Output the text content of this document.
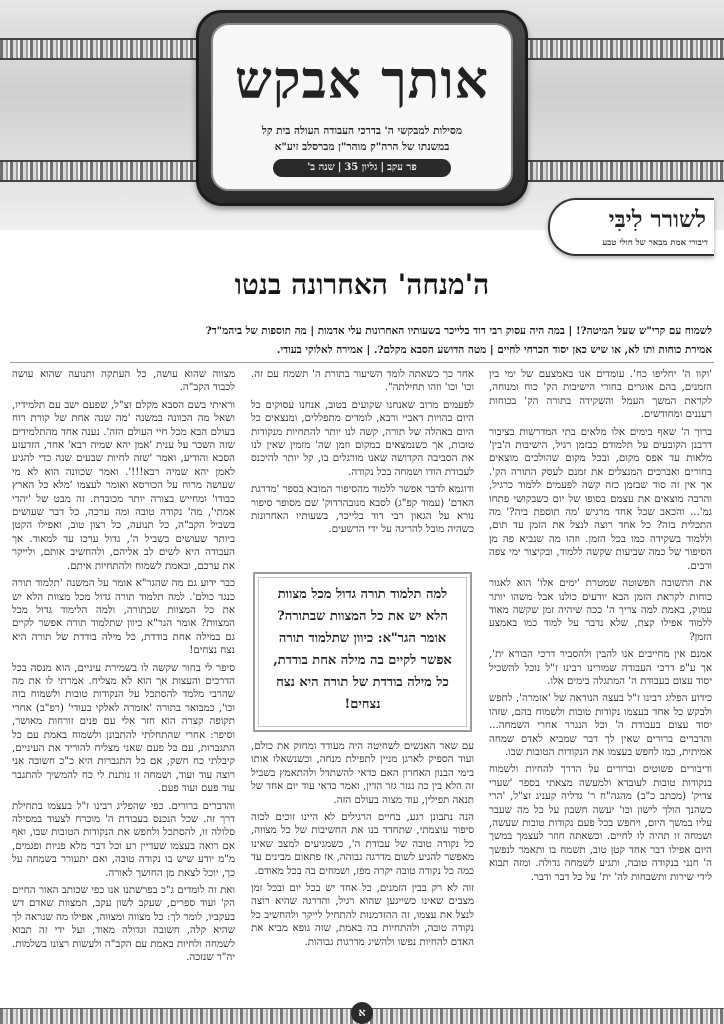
אותך אבקש
מסילות למבקשי ה' בדרכי העבודה העולה בית קל
במשנתו של הרה"ק מוהר"ן מברסלב זיע"א
פר עקב|גליון 35|שנה ב'
לשורר לִיבִּי
דיבורי אמת מבאר של חולי טבע
ה'מנחה' האחרונה בנטו
לשמוח עם קרי"ש שעל המיטה?! | במה היה עסוק רבי דוד בלייכר בשעותיו האחרונות עלי אדמות | מה תוספות של ביהמ"ד?
אמירת כוחות ותו לא, או שיש כאן יסוד הכרחי לחיים | מטה הדושע הסבא מקלם?. | אמירה לאלוקי בעודי.

'וקוו ה' יחליפו כח'. עומדים אנו באמצעם של ימי בין הזמנים, בהם אוגרים בחורי הישיבות הק' כוח ומנוחה, לקראת המשך העמל והשקידה בתורה הק' בכוחות רעננים ומחודשים.

ברוך ה' שאף בימים אלו מלאים בתי המדרשות בציבור דרבנן הקובעים על תלמודם כבזמן רגיל, הישיבות ה'בין' מלאות עד אפס מקום, ובכל מקום שהולכים מוצאים בחורים ואברכים המנצלים את זמנם לעסק התורה הק'. אך אין זה סוד שבזמן כזה קשה לפעמים ללמוד כרגיל, והרבה מוצאים את עצמם בסופו של יום כשבקושי פתחו גמ'... והכאב שכל אחד מרגיש 'מה תוספת ביה?' מה התכלית בזה? כל אחד רוצה לנצל את הזמן עד תום, וללמוד בשקידה כמו בכל הזמן. וזהו מה שנביא פה מן הסיפור של כמה שביעות שקשה ללמוד, ובקיצור ימי צפה ורבים.

את התשובה הפשוטה שמטרת 'ימים אלו' הוא לאגור כוחות לקראת הזמן הבא יודעים כולנו אבל משהו יותר עמוק, באמת למה צריך ה' ככה שיהיה זמן שקשה מאוד ללמוד אפילו קצת, שלא נדבר על למוד כמו באמצע הזמן?

אמנם אין מחייבים אנו להבין ולהסביר דרכי הבורא ית', אך ע"פ דרכי העבודה שמורינו רבינו ז"ל נוכל להשכיל יסוד עצום בעבודת ה' המתגלה בימים אלו.

כידוע הפליג רבינו ז"ל בעצה הנוראה של 'אזמרה', לחפש ולבקש כל אחד בעצמו נקודות טובות ולשמוח בהם, שזהו יסוד עצום בעבודת ה' וכל הנגרר אחרי השמחה... והדברים ברורים שאין לך דבר שמביא לאדם שמחה אמיתית, כמו לחפש בעצמו את הנקודות הטובות שבו.

ודיבורים פשוטים וברורים על הדרך להחיות ולשמוח בנקודות טובות לעובדא ולמעשה מצאתי בספר 'שערי צדיק' (מכתב כ"ב) מהגה"ח ר' גדליה קעניג זצ"ל, 'הרי כשהנך הולך לישון וכו' יעשה חשבון על כל מה שעבר עליו במשך היום, ויחפש בכל פעם נקודות טובות שעשה, ושמחה זו תהיה לו לחיים. וכשאתה חוזר לעצמך במשך היום אפילו דבר אחד קטן טוב, תשמח בו ותאמר לנפשך ה' חנני בנקודה טובה, ותגיע לשמחה גדולה. ומזה תבוא לידי שירות ותשבחות לה' ית' על כל דבר ודבר.

אחר כך כשאתה לומד השיעור בתורת ה' תשמח עם זה. וכו' וכו' וזהו תחילתה".

לפעמים מרוב שאנחנו שקועים בטוב, אנחנו עסוקים כל היום בהויות דאביי ורבא, לומדים מתפללים, ומנצאים כל היום באהלה של תורה, קשה לנו יותר להתחיות מנקודות טובות, אך כשנמצאים במקום וזמן שה' מזמין שאין לנו את הסביבה הקדושה שאנו מורגלים בו, קל יותר להיכנס לעבודת הודו ושמחה בכל נקודה.

ודוגמא לדבר אפשר ללמוד מהסיפור המובא בספר 'מדרגת האדם' (עמוד קפ"ג) לסבא מנובהרדוק' שם מסופר סיפור נורא על הגאון רבי דוד בלייכר, בשעותיו האחרונות כשהיה מובל להריגה על ידי הרשעים.

למה תלמוד תורה גדול מכל מצוות הלא יש את כל המצוות שבתורה? אומר הגר"א: כיוון שתלמוד תורה אפשר לקיים בה מילה אחת בודדת, כל מילה בודדת של תורה היא נצח נצחים!

עם שאר האנשים לשחיטה היה מעודד ומחזק את כולם, ועוד הספיק לארגן מניין לתפילת מנחה, וכשנשאלו אותו בימי הבנון האחרון האם כדאי להשתדל ולהתאמץ בשביל זה הלא בין כה נגזר גזר הדין, ואמר כדאי עוד יום אחד של תנאה תפילין, עוד מצוה בעולם הזה.

הנה נתבונן רגע, בחיים הרגילים לא היינו זוכים לכזה סיפור עוצמתי, שתחדד בנו את החשיבות של כל מצווה, כל נקודה טובה של עבודת ה', כשמגיעים למצב שאינו מאפשר להגיע לשום מדרגה גבוהה, אז פתאום מבינים עד כמה כל נקודה טובה יקרה מפז, ושמחים בה בכל מאודם.

זוה לא רק בבין הזמנים, כל אחד יש בכל יום ובכל זמן מצבים שאינו כשייגען שהוא רגיל, והדרגה שהיא רוצה לנצל את עצמו, זה ההזדמנות להתחיל לייקר ולהחשיב כל נקודה טובה, ולהתחיות בה באמת, שזה גופא מביא את האדם להחיות נפשו ולהשיג מדרגות גבוהות.

מצווה שהוא עושה, כל העתקה ותנועה שהוא עושה לכבוד הקב"ה.

וראיתי בשם הסבא מקלם זצ"ל, שפעם ישב עם תלמידיו, ושאל מה הכוונה במשנה 'מה שנה אחת של קורת רוח בעולם הבא מכל חיי העולם הזה'. נענה אחד מהתלמידים שזה השכר על ענית 'אמן יהא שמיה רבא' אחד, הזדעזע הסבא והודיע, ואמר 'שזה לחיות שבעים שנה כדי להגיע לאמן יהא שמיה רבא!!!'. ואמר שכוונה הוא לא מי שעושה מרוח על הכורסא ואומר לעצמו 'מלא כל הארץ כבודו' ומחייש בצורה יותר מכובדת. זה מבט של 'יהדי אמתי', מה' נקודה טובה ומה ערכה, כל דבר שעושים בשביל הקב"ה, כל תנועה, כל רצון טוב, ואפילו הקטן ביותר שעושים בשביל ה', גדול ערכו עד למאוד. אך העבודה היא לשים לב אליהם, ולהחשיב אותם, ולייקר את ערכם, ובאמת לשמוח ולהתחיות איתם.

כבר ידוע גם מה שהגר"א אומר על המשנה 'תלמוד תורה כנגד כולם'. למה תלמוד תורה גדול מכל מצוות הלא יש את כל המצוות שבתורה, ולמה הלימוד גדול מכל המצוות? אומר הגר"א כיוון שתלמוד תורה אפשר לקיים גם במילה אחת בודדת, כל מילה בודדת של תורה היא נצח נצחים!

סיפר לי בחור שקשה לו בשמירת עיניים, הוא מנסה בכל הדרכים והעצות אך הוא לא מצליח. אמרתי לו את מה שהרבי מלמד להסתכל על הנקודות טובות ולשמוח בזה וכו', כמבואר בתורה 'אזמרה לאלקי בעודי' (רפ"ב) אחרי תקופה קצרה הוא חזר אלי עם פנים זורחות מאושר, וסיפר: אחרי שהתחלתי להתבונן ולשמוח באמת עם כל התגברות, עם כל פעם שאני מצליח להוריד את העיניים, קיבלתי כח חשק, אם כל התגברות היא כ"כ חשובה אני רוצה עוד ועוד, ושמחה זו נותנת לי כח להמשיך להתגבר עוד פעם ועוד פעם.

והדברים ברורים. כפי שהפליג רבינו ז"ל בעצמו בתחילת דרך זה. שכל הנכנס בעבודת ה' מוכרח לצעוד במסילה סלולה זו, להסתכל ולחפש את הנקודות הטובות שבו, ואף אם רואה בעצמו שעדיין רע וכל דבר מלא פניות ופגמים, מ"מ יודע שיש בו נקודה טובה, ואם יתעורר בשמחה על כך, יוכל לצאת מן החושך לאורה.

ואת זה לומדים ג"כ בפרשתנו אנו כפי שכותב האור החיים הק' ועוד ספרים, שעקב לשון עקב, המצוות שאדם דש בעקביו, לומר לך: כל מצווה ומצווה, אפילו מה שנראה לך שהיא קלה, חשובה וגדולה מאוד, ועל ידי זה תבוא לשמחה ולחיות באמת עם הקב"ה ולעשות רצונו בשלמות. יה"ר שנזכה.

א
